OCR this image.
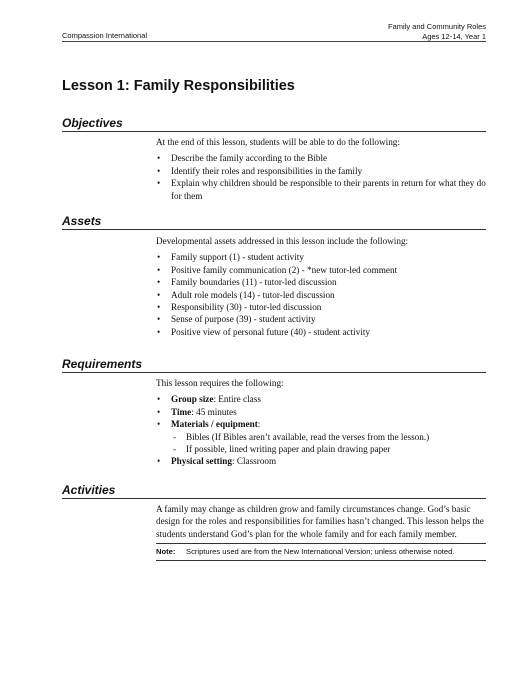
Compassion International
Family and Community Roles
Ages 12-14, Year 1
Lesson 1: Family Responsibilities
Objectives

At the end of this lesson, students will be able to do the following:

• Describe the family according to the Bible
• Identify their roles and responsibilities in the family
• Explain why children should be responsible to their parents in return for what they do for them
Assets

Developmental assets addressed in this lesson include the following:

• Family support (1) - student activity
• Positive family communication (2) - *new tutor-led comment
• Family boundaries (11) - tutor-led discussion
• Adult role models (14) - tutor-led discussion
• Responsibility (30) - tutor-led discussion
• Sense of purpose (39) - student activity
• Positive view of personal future (40) - student activity
Requirements

This lesson requires the following:

• Group size: Entire class
• Time: 45 minutes
• Materials / equipment:
- Bibles (If Bibles aren’t available, read the verses from the lesson.)
- If possible, lined writing paper and plain drawing paper
• Physical setting: Classroom
Activities

A family may change as children grow and family circumstances change. God’s basic design for the roles and responsibilities for families hasn’t changed. This lesson helps the students understand God’s plan for the whole family and for each family member.

Note: Scriptures used are from the New International Version; unless otherwise noted.
